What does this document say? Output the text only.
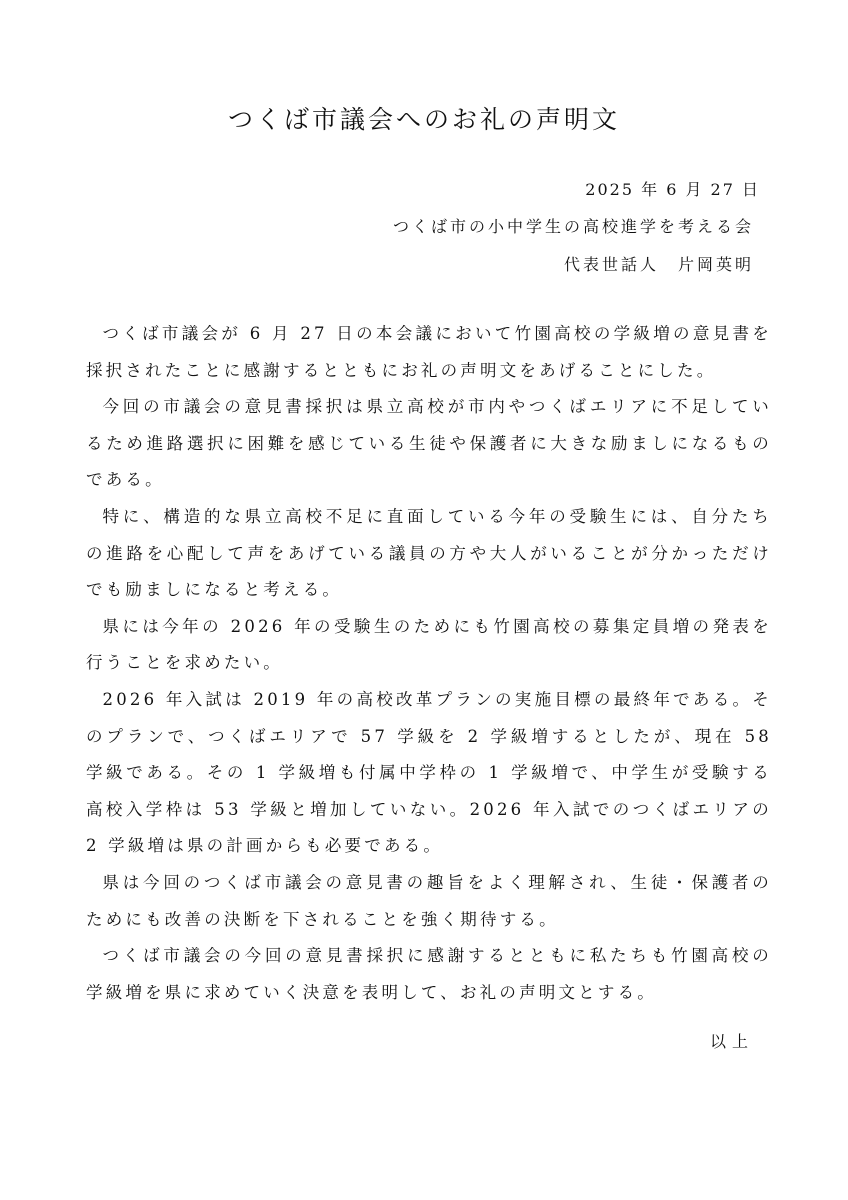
つくば市議会へのお礼の声明文
2025 年 6 月 27 日
つくば市の小中学生の高校進学を考える会
代表世話人　片岡英明

つくば市議会が 6 月 27 日の本会議において竹園高校の学級増の意見書を採択されたことに感謝するとともにお礼の声明文をあげることにした。

今回の市議会の意見書採択は県立高校が市内やつくばエリアに不足しているため進路選択に困難を感じている生徒や保護者に大きな励ましになるものである。

特に、構造的な県立高校不足に直面している今年の受験生には、自分たちの進路を心配して声をあげている議員の方や大人がいることが分かっただけでも励ましになると考える。

県には今年の 2026 年の受験生のためにも竹園高校の募集定員増の発表を行うことを求めたい。

2026 年入試は 2019 年の高校改革プランの実施目標の最終年である。そのプランで、つくばエリアで 57 学級を 2 学級増するとしたが、現在 58 学級である。その 1 学級増も付属中学枠の 1 学級増で、中学生が受験する高校入学枠は 53 学級と増加していない。2026 年入試でのつくばエリアの 2 学級増は県の計画からも必要である。

県は今回のつくば市議会の意見書の趣旨をよく理解され、生徒・保護者のためにも改善の決断を下されることを強く期待する。

つくば市議会の今回の意見書採択に感謝するとともに私たちも竹園高校の学級増を県に求めていく決意を表明して、お礼の声明文とする。

以上
